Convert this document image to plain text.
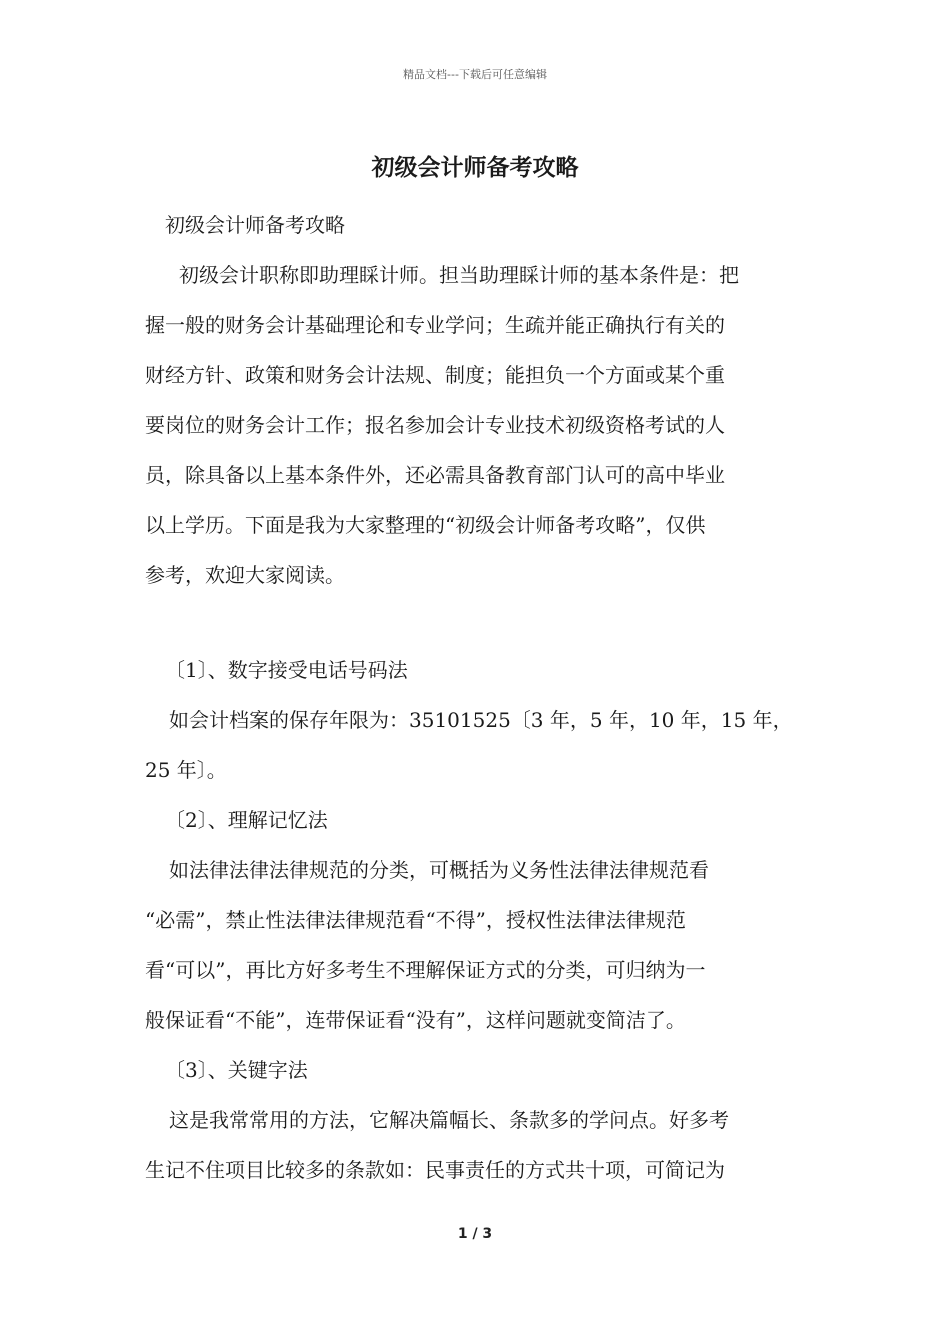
精品文档---下载后可任意编辑
初级会计师备考攻略

初级会计师备考攻略

初级会计职称即助理睬计师。担当助理睬计师的基本条件是：把

握一般的财务会计基础理论和专业学问；生疏并能正确执行有关的

财经方针、政策和财务会计法规、制度；能担负一个方面或某个重

要岗位的财务会计工作；报名参加会计专业技术初级资格考试的人

员，除具备以上基本条件外，还必需具备教育部门认可的高中毕业

以上学历。下面是我为大家整理的“初级会计师备考攻略”，仅供

参考，欢迎大家阅读。

〔1〕、数字接受电话号码法

如会计档案的保存年限为：35101525〔3 年，5 年，10 年，15 年，

25 年〕。

〔2〕、理解记忆法

如法律法律法律规范的分类，可概括为义务性法律法律规范看

“必需”，禁止性法律法律规范看“不得”，授权性法律法律规范

看“可以”，再比方好多考生不理解保证方式的分类，可归纳为一

般保证看“不能”，连带保证看“没有”，这样问题就变简洁了。

〔3〕、关键字法

这是我常常用的方法，它解决篇幅长、条款多的学问点。好多考

生记不住项目比较多的条款如：民事责任的方式共十项，可简记为

1 / 3
